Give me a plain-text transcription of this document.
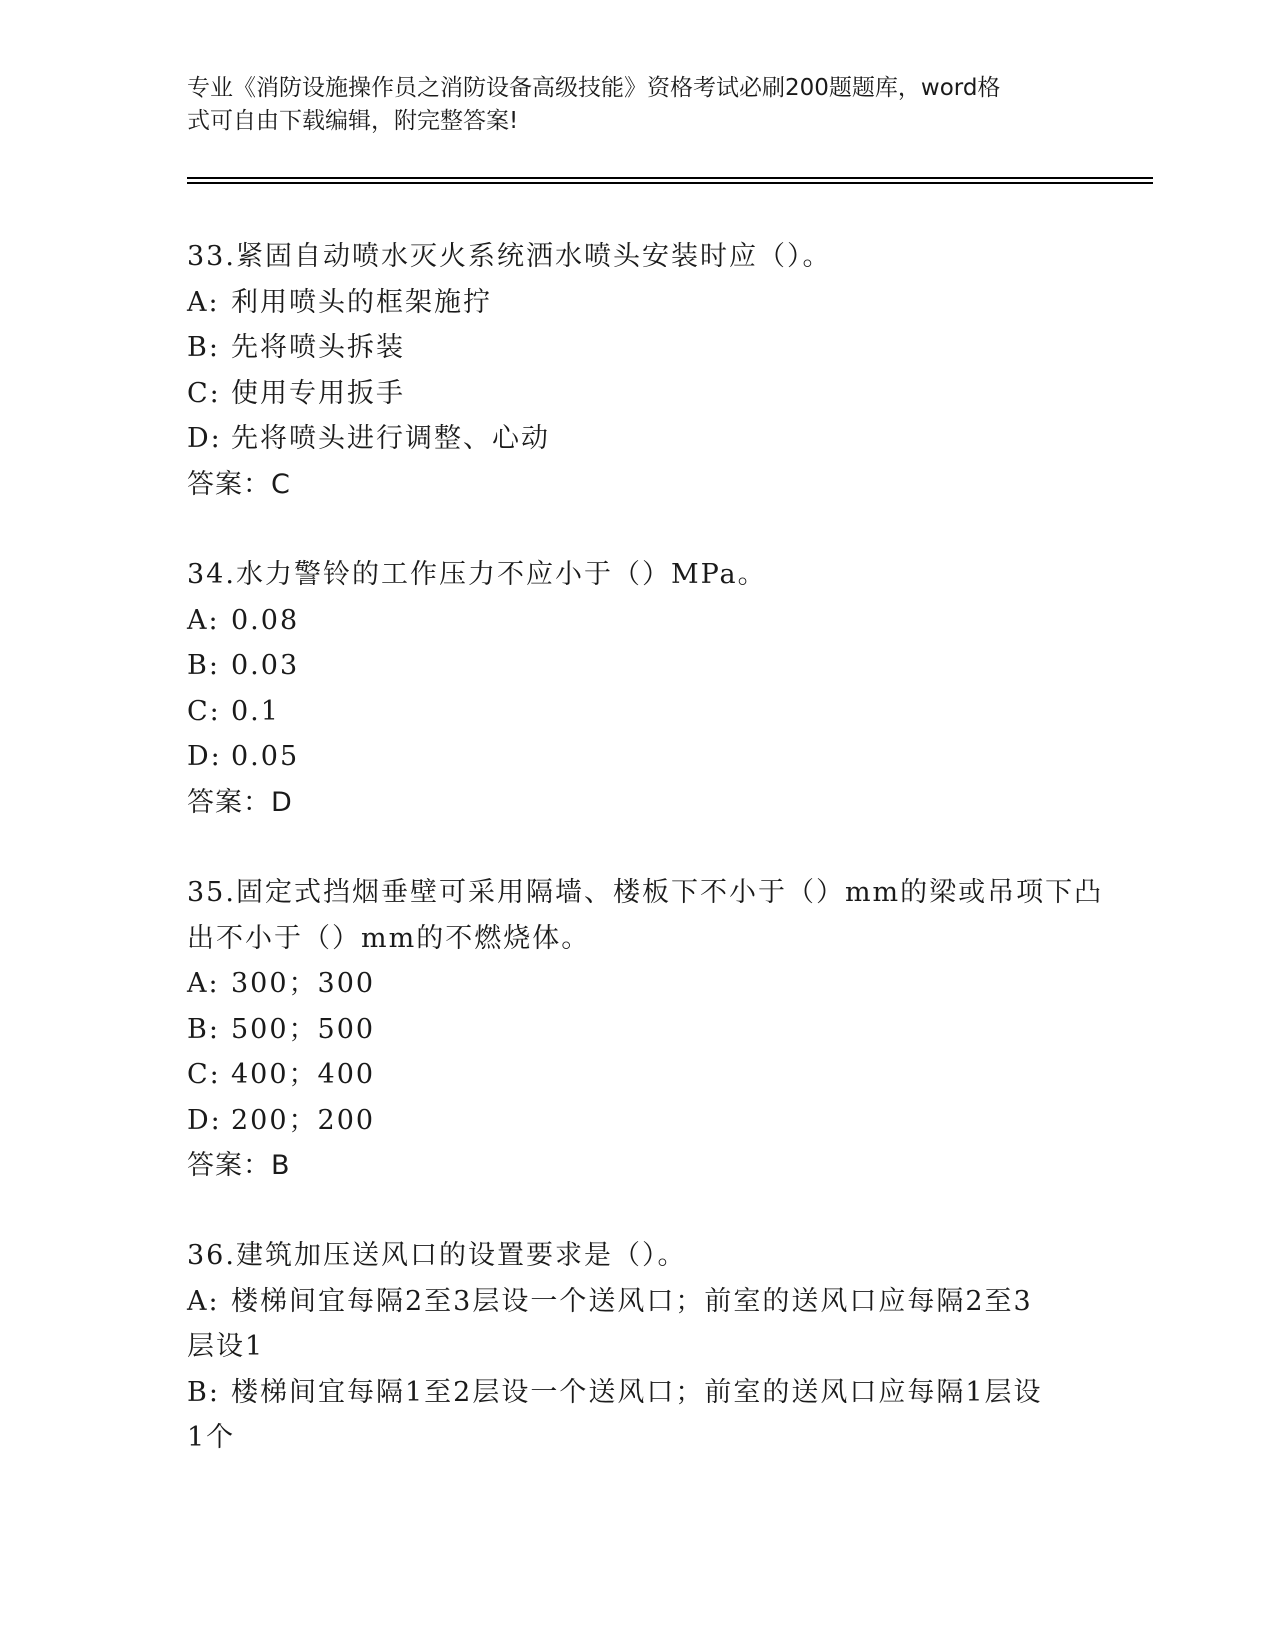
专业《消防设施操作员之消防设备高级技能》资格考试必刷200题题库，word格
式可自由下载编辑，附完整答案!
33.紧固自动喷水灭火系统洒水喷头安装时应（）。
A: 利用喷头的框架施拧
B: 先将喷头拆装
C: 使用专用扳手
D: 先将喷头进行调整、心动
答案：C
34.水力警铃的工作压力不应小于（）MPa。
A: 0.08
B: 0.03
C: 0.1
D: 0.05
答案：D
35.固定式挡烟垂壁可采用隔墙、楼板下不小于（）mm的梁或吊项下凸
出不小于（）mm的不燃烧体。
A: 300；300
B: 500；500
C: 400；400
D: 200；200
答案：B
36.建筑加压送风口的设置要求是（）。
A: 楼梯间宜每隔2至3层设一个送风口；前室的送风口应每隔2至3
层设1
B: 楼梯间宜每隔1至2层设一个送风口；前室的送风口应每隔1层设
1个
